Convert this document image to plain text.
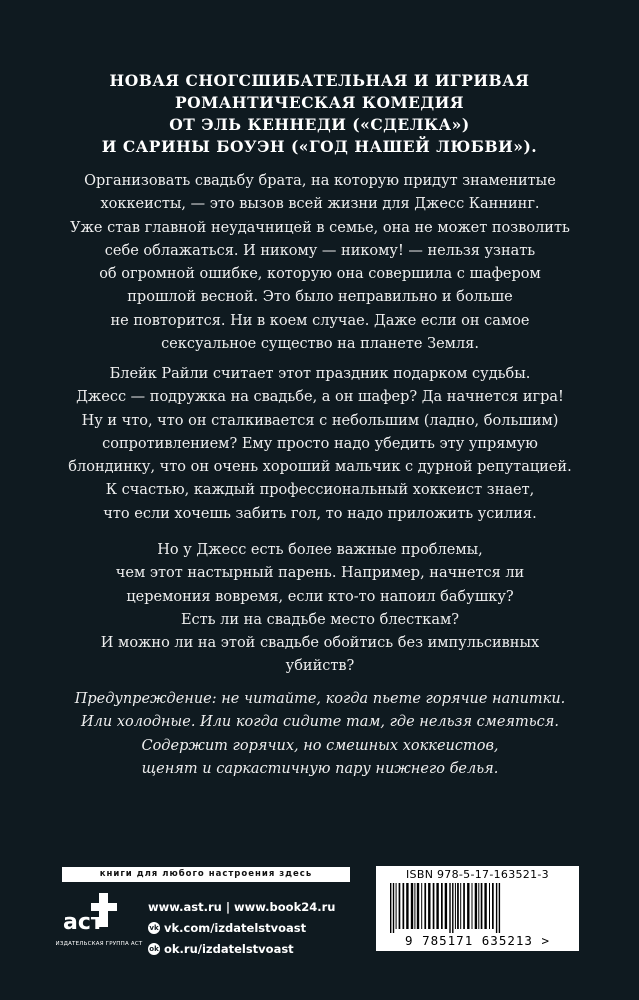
НОВАЯ СНОГСШИБАТЕЛЬНАЯ И ИГРИВАЯ
РОМАНТИЧЕСКАЯ КОМЕДИЯ
ОТ ЭЛЬ КЕННЕДИ («СДЕЛКА»)
И САРИНЫ БОУЭН («ГОД НАШЕЙ ЛЮБВИ»).
Организовать свадьбу брата, на которую придут знаменитые
хоккеисты, — это вызов всей жизни для Джесс Каннинг.
Уже став главной неудачницей в семье, она не может позволить
себе облажаться. И никому — никому! — нельзя узнать
об огромной ошибке, которую она совершила с шафером
прошлой весной. Это было неправильно и больше
не повторится. Ни в коем случае. Даже если он самое
сексуальное существо на планете Земля.
Блейк Райли считает этот праздник подарком судьбы.
Джесс — подружка на свадьбе, а он шафер? Да начнется игра!
Ну и что, что он сталкивается с небольшим (ладно, большим)
сопротивлением? Ему просто надо убедить эту упрямую
блондинку, что он очень хороший мальчик с дурной репутацией.
К счастью, каждый профессиональный хоккеист знает,
что если хочешь забить гол, то надо приложить усилия.
Но у Джесс есть более важные проблемы,
чем этот настырный парень. Например, начнется ли
церемония вовремя, если кто-то напоил бабушку?
Есть ли на свадьбе место блесткам?
И можно ли на этой свадьбе обойтись без импульсивных
убийств?
Предупреждение: не читайте, когда пьете горячие напитки.
Или холодные. Или когда сидите там, где нельзя смеяться.
Содержит горячих, но смешных хоккеистов,
щенят и саркастичную пару нижнего белья.
книги для любого настроения здесь
аст
ИЗДАТЕЛЬСКАЯ ГРУППА АСТ
www.ast.ru | www.book24.ru
vk vk.com/izdatelstvoast
ok ok.ru/izdatelstvoast
ISBN 978-5-17-163521-3
9 785171 635213 >
